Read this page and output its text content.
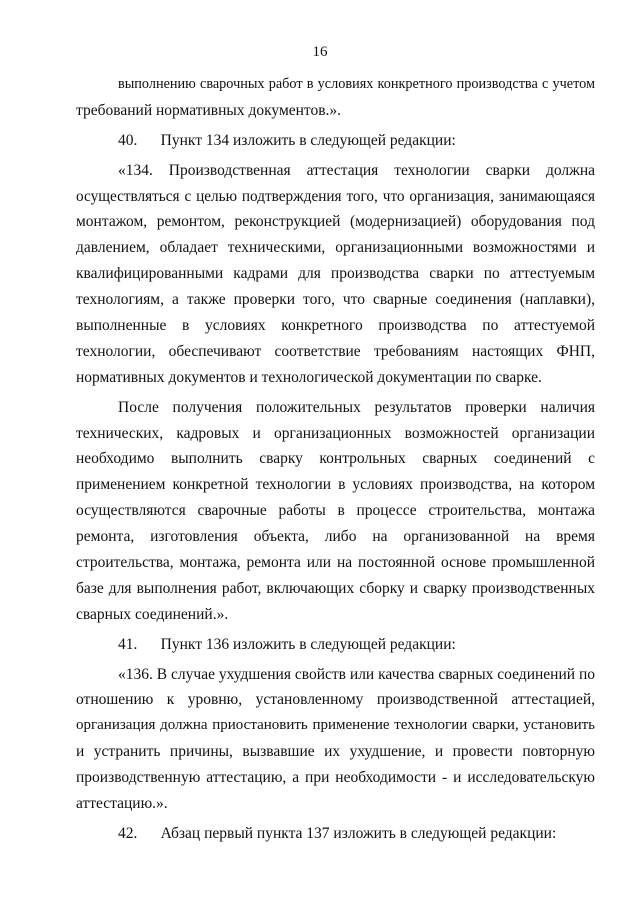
16
выполнению сварочных работ в условиях конкретного производства с учетом
требований нормативных документов.».
40.      Пункт 134 изложить в следующей редакции:
«134. Производственная аттестация технологии сварки должна
осуществляться с целью подтверждения того, что организация, занимающаяся
монтажом, ремонтом, реконструкцией (модернизацией) оборудования под
давлением, обладает техническими, организационными возможностями и
квалифицированными кадрами для производства сварки по аттестуемым
технологиям, а также проверки того, что сварные соединения (наплавки),
выполненные в условиях конкретного производства по аттестуемой
технологии, обеспечивают соответствие требованиям настоящих ФНП,
нормативных документов и технологической документации по сварке.
После получения положительных результатов проверки наличия
технических, кадровых и организационных возможностей организации
необходимо выполнить сварку контрольных сварных соединений с
применением конкретной технологии в условиях производства, на котором
осуществляются сварочные работы в процессе строительства, монтажа
ремонта, изготовления объекта, либо на организованной на время
строительства, монтажа, ремонта или на постоянной основе промышленной
базе для выполнения работ, включающих сборку и сварку производственных
сварных соединений.».
41.      Пункт 136 изложить в следующей редакции:
«136. В случае ухудшения свойств или качества сварных соединений по
отношению к уровню, установленному производственной аттестацией,
организация должна приостановить применение технологии сварки, установить
и устранить причины, вызвавшие их ухудшение, и провести повторную
производственную аттестацию, а при необходимости - и исследовательскую
аттестацию.».
42.      Абзац первый пункта 137 изложить в следующей редакции:
